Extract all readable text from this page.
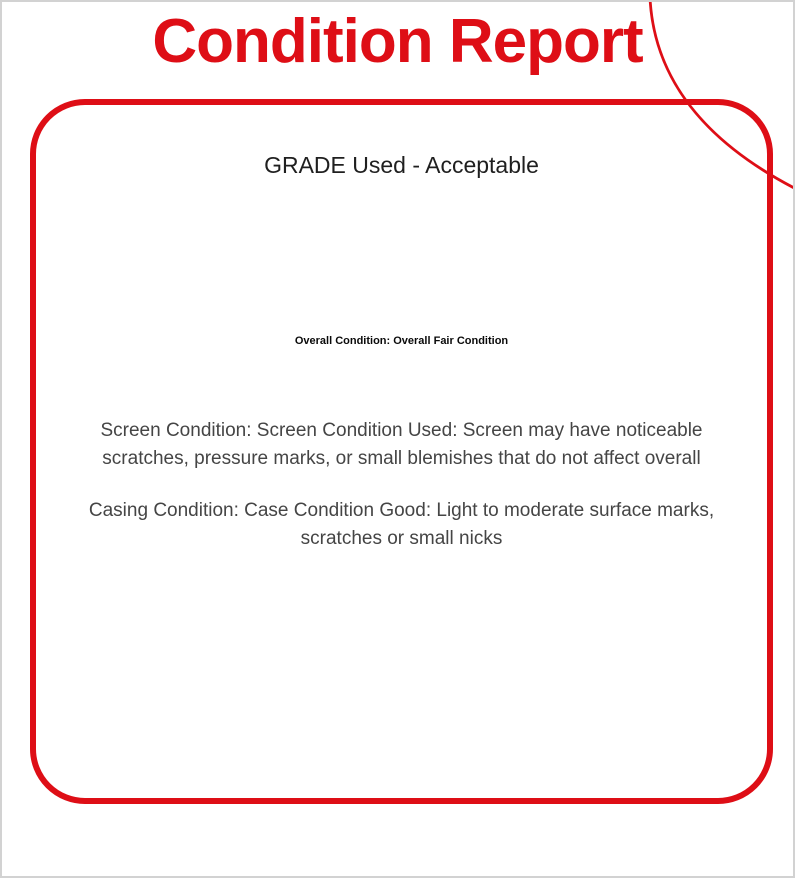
Condition Report
GRADE Used - Acceptable
Overall Condition: Overall Fair Condition

Screen Condition: Screen Condition Used: Screen may have noticeable scratches, pressure marks, or small blemishes that do not affect overall

Casing Condition: Case Condition Good: Light to moderate surface marks, scratches or small nicks
